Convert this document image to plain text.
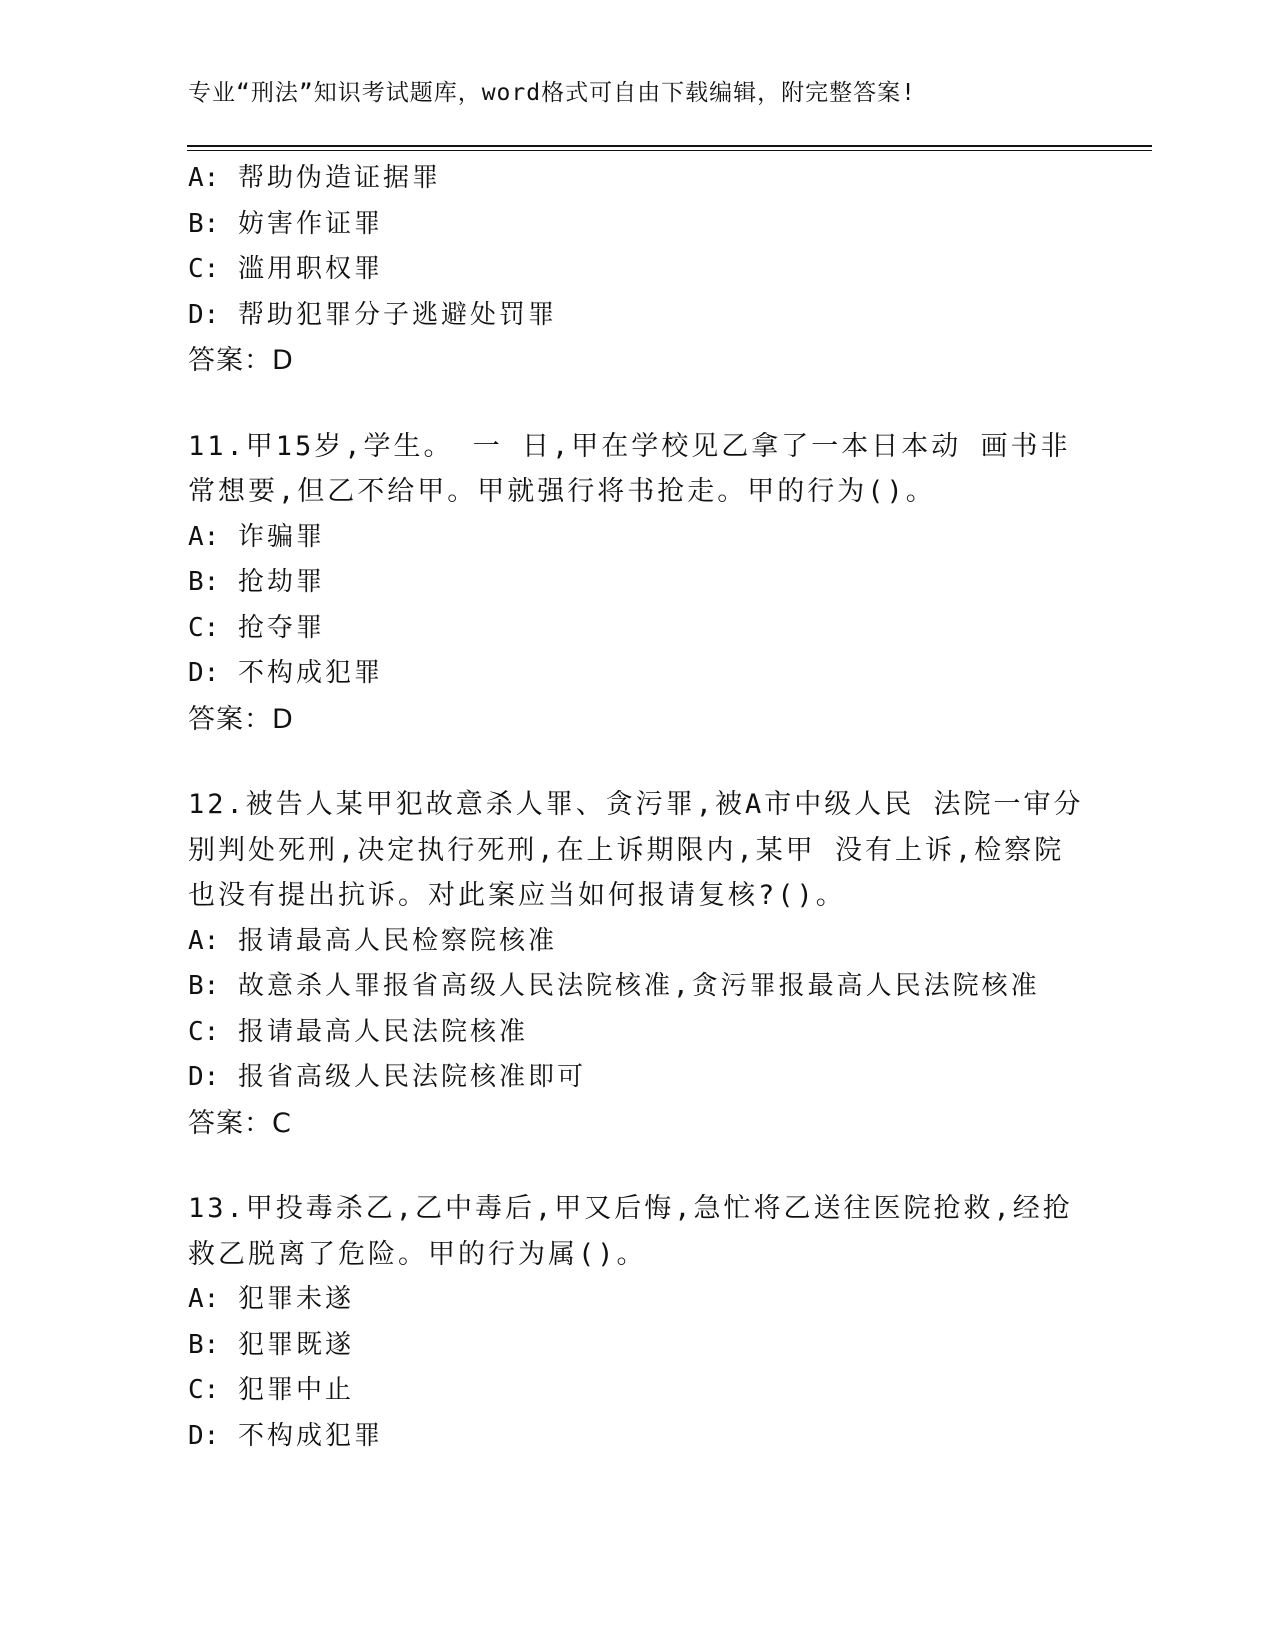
专业“刑法”知识考试题库，word格式可自由下载编辑，附完整答案!
A: 帮助伪造证据罪
B: 妨害作证罪
C: 滥用职权罪
D: 帮助犯罪分子逃避处罚罪
答案：D
11.甲15岁,学生。 一 日,甲在学校见乙拿了一本日本动 画书非常想要,但乙不给甲。甲就强行将书抢走。甲的行为()。
A: 诈骗罪
B: 抢劫罪
C: 抢夺罪
D: 不构成犯罪
答案：D
12.被告人某甲犯故意杀人罪、贪污罪,被A市中级人民 法院一审分别判处死刑,决定执行死刑,在上诉期限内,某甲 没有上诉,检察院也没有提出抗诉。对此案应当如何报请复核?()。
A: 报请最高人民检察院核准
B: 故意杀人罪报省高级人民法院核准,贪污罪报最高人民法院核准
C: 报请最高人民法院核准
D: 报省高级人民法院核准即可
答案：C
13.甲投毒杀乙,乙中毒后,甲又后悔,急忙将乙送往医院抢救,经抢救乙脱离了危险。甲的行为属()。
A: 犯罪未遂
B: 犯罪既遂
C: 犯罪中止
D: 不构成犯罪
